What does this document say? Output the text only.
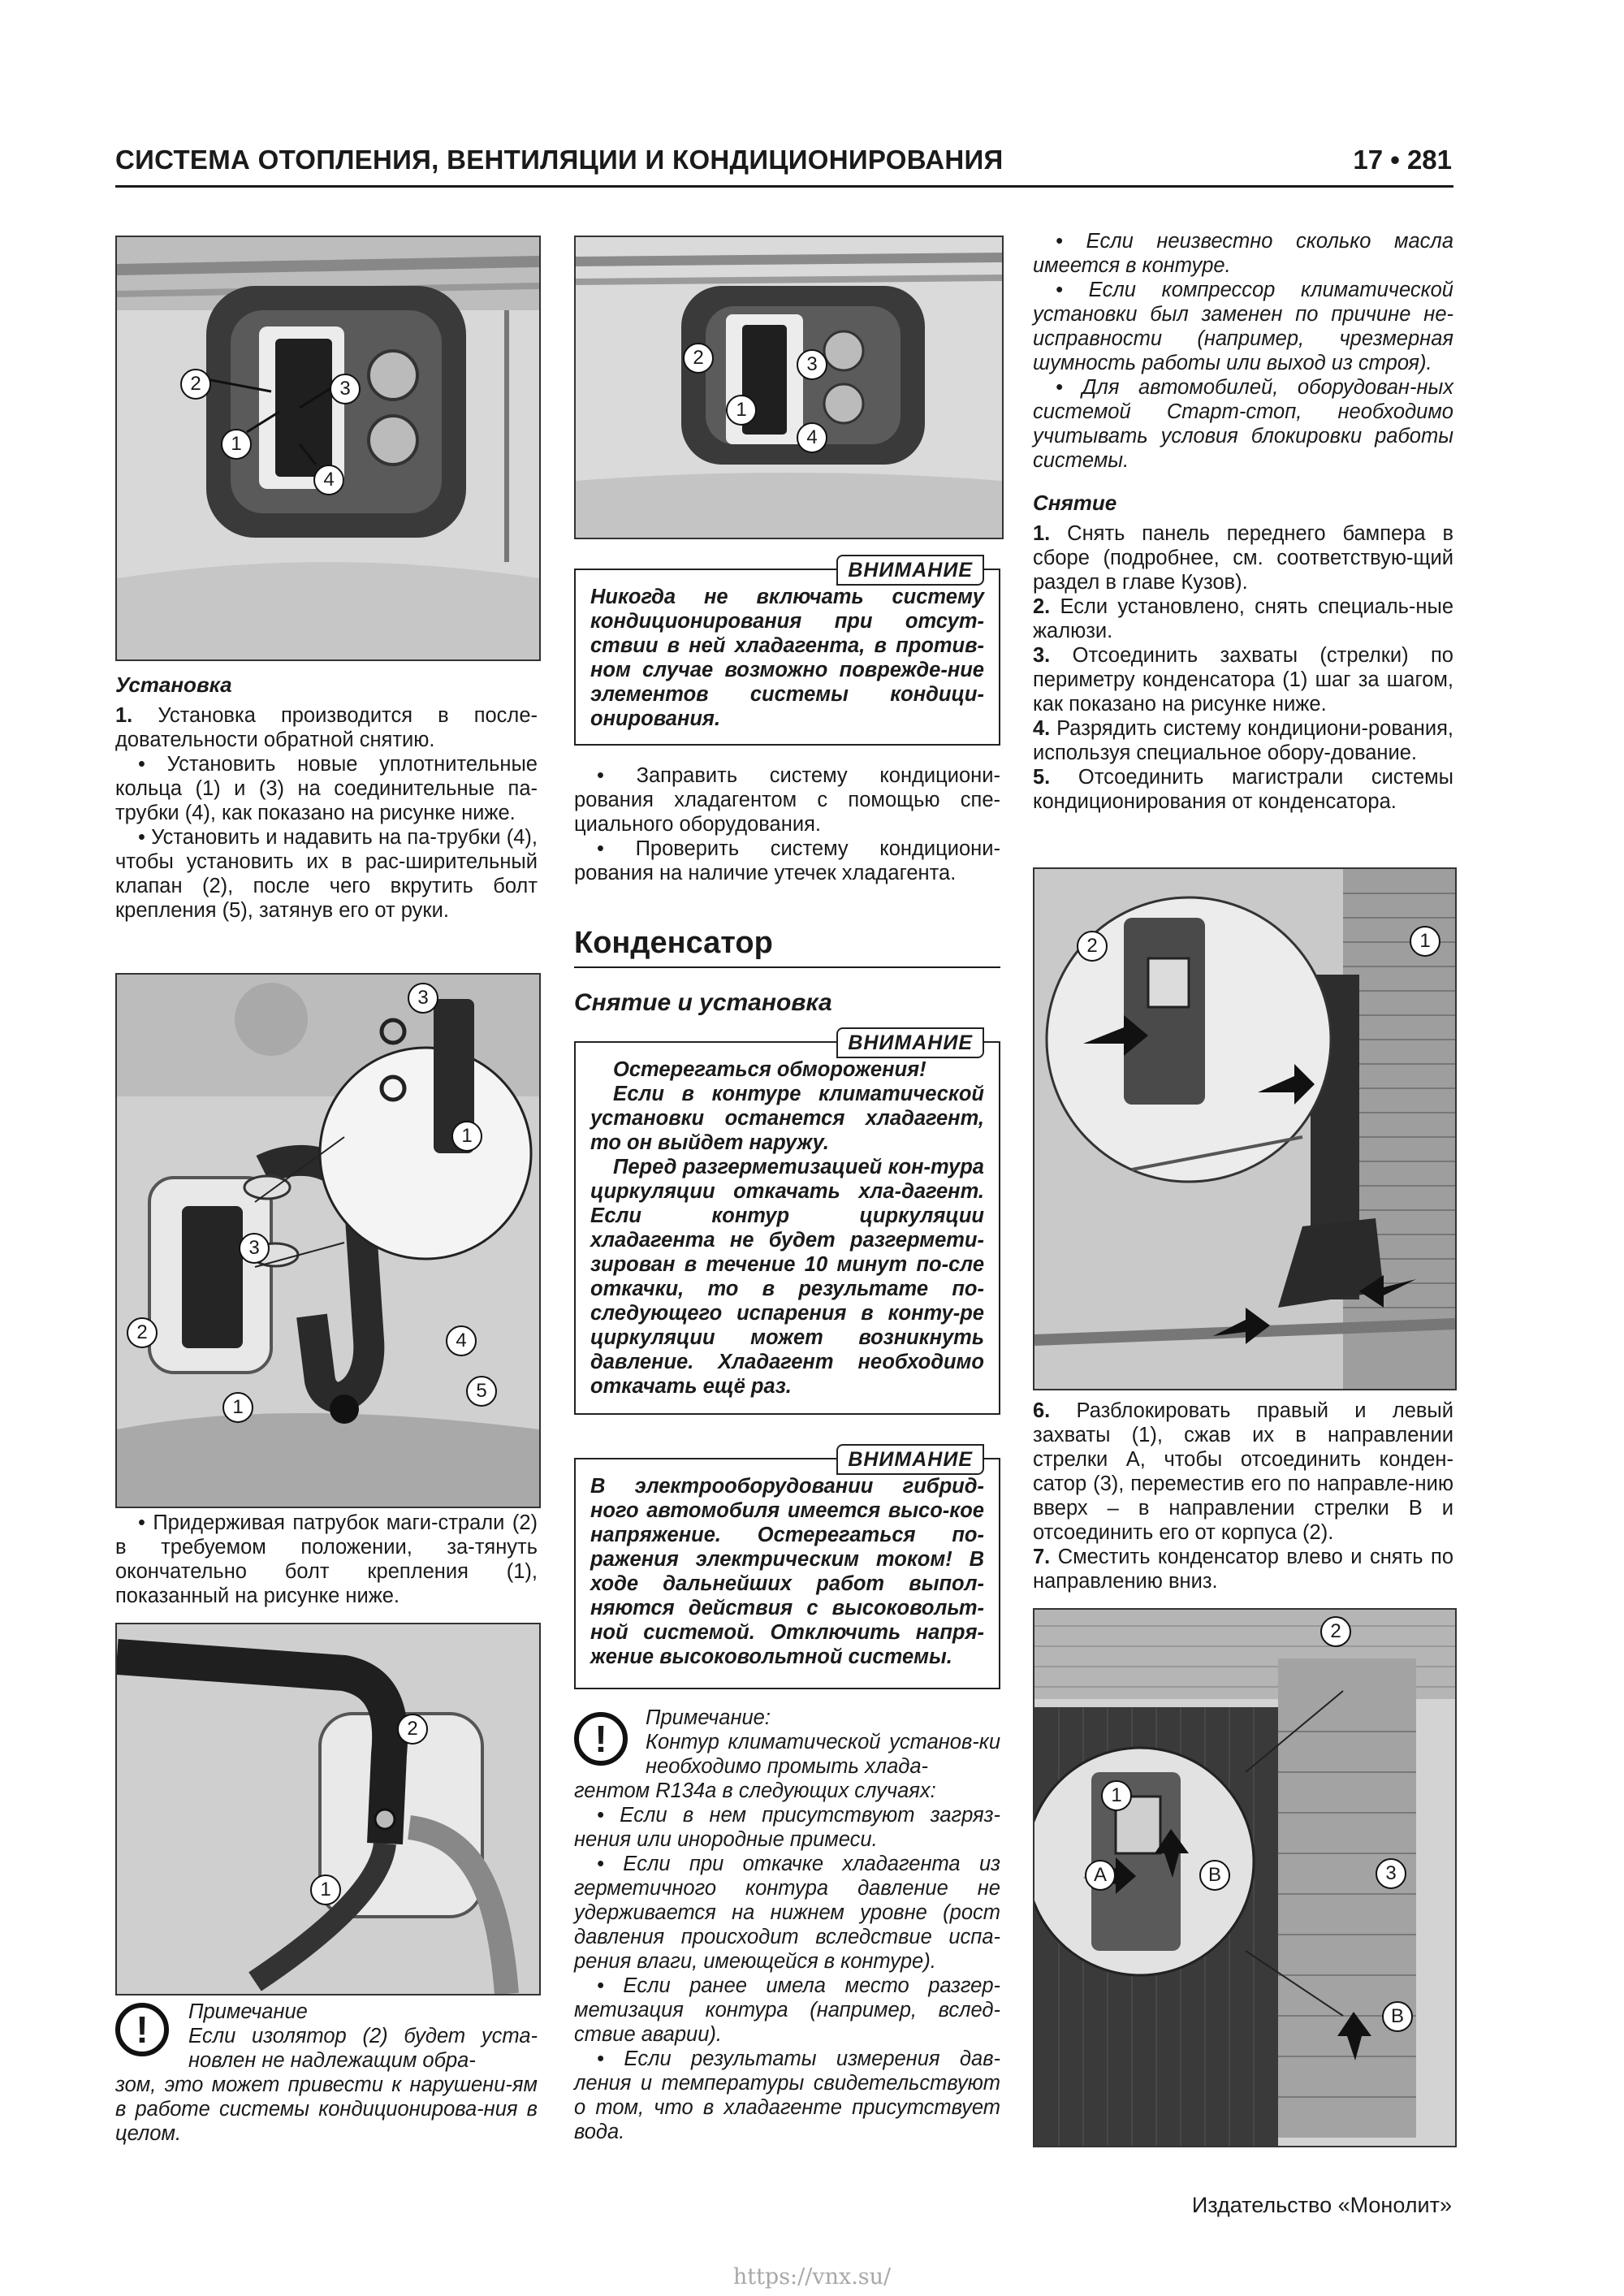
СИСТЕМА ОТОПЛЕНИЯ, ВЕНТИЛЯЦИИ И КОНДИЦИОНИРОВАНИЯ	17 • 281
2	3
1
4

Установка

1. Установка производится в после-довательности обратной снятию.

• Установить новые уплотнительные кольца (1) и (3) на соединительные па-трубки (4), как показано на рисунке ниже.

• Установить и надавить на па-трубки (4), чтобы установить их в рас-ширительный клапан (2), после чего вкрутить болт крепления (5), затянув его от руки.

3
1
3
2	4
1
5

• Придерживая патрубок маги-страли (2) в требуемом положении, за-тянуть окончательно болт крепления (1), показанный на рисунке ниже.

2
1
!	Примечание

Если изолятор (2) будет уста-новлен не надлежащим обра-

зом, это может привести к нарушени-ям в работе системы кондиционирова-ния в целом.

2	3
1
4
ВНИМАНИЕ

Никогда не включать систему кондиционирования при отсут-ствии в ней хладагента, в против-ном случае возможно поврежде-ние элементов системы кондици-онирования.

• Заправить систему кондициони-рования хладагентом с помощью спе-циального оборудования.

• Проверить систему кондициони-рования на наличие утечек хладагента.

Конденсатор
Снятие и установка
ВНИМАНИЕ

Остерегаться обморожения!

Если в контуре климатической установки останется хладагент, то он выйдет наружу.

Перед разгерметизацией кон-тура циркуляции откачать хла-дагент. Если контур циркуляции хладагента не будет разгермети-зирован в течение 10 минут по-сле откачки, то в результате по-следующего испарения в конту-ре циркуляции может возникнуть давление. Хладагент необходимо откачать ещё раз.

ВНИМАНИЕ

В электрооборудовании гибрид-ного автомобиля имеется высо-кое напряжение. Остерегаться по-ражения электрическим током! В ходе дальнейших работ выпол-няются действия с высоковольт-ной системой. Отключить напря-жение высоковольтной системы.

!	Примечание:

Контур климатической установ-ки необходимо промыть хлада-

гентом R134a в следующих случаях:

• Если в нем присутствуют загряз-нения или инородные примеси.

• Если при откачке хладагента из герметичного контура давление не удерживается на нижнем уровне (рост давления происходит вследствие испа-рения влаги, имеющейся в контуре).

• Если ранее имела место разгер-метизация контура (например, вслед-ствие аварии).

• Если результаты измерения дав-ления и температуры свидетельствуют о том, что в хладагенте присутствует вода.

• Если неизвестно сколько масла имеется в контуре.

• Если компрессор климатической установки был заменен по причине не-исправности (например, чрезмерная шумность работы или выход из строя).

• Для автомобилей, оборудован-ных системой Старт-стоп, необходимо учитывать условия блокировки работы системы.

Снятие

1. Снять панель переднего бампера в сборе (подробнее, см. соответствую-щий раздел в главе Кузов).

2. Если установлено, снять специаль-ные жалюзи.

3. Отсоединить захваты (стрелки) по периметру конденсатора (1) шаг за шагом, как показано на рисунке ниже.

4. Разрядить систему кондициони-рования, используя специальное обору-дование.

5. Отсоединить магистрали системы кондиционирования от конденсатора.

2	1

6. Разблокировать правый и левый захваты (1), сжав их в направлении стрелки А, чтобы отсоединить конден-сатор (3), переместив его по направле-нию вверх – в направлении стрелки В и отсоединить его от корпуса (2).

7. Сместить конденсатор влево и снять по направлению вниз.

2
1
A	B	3
B
Издательство «Монолит»
https://vnx.su/
